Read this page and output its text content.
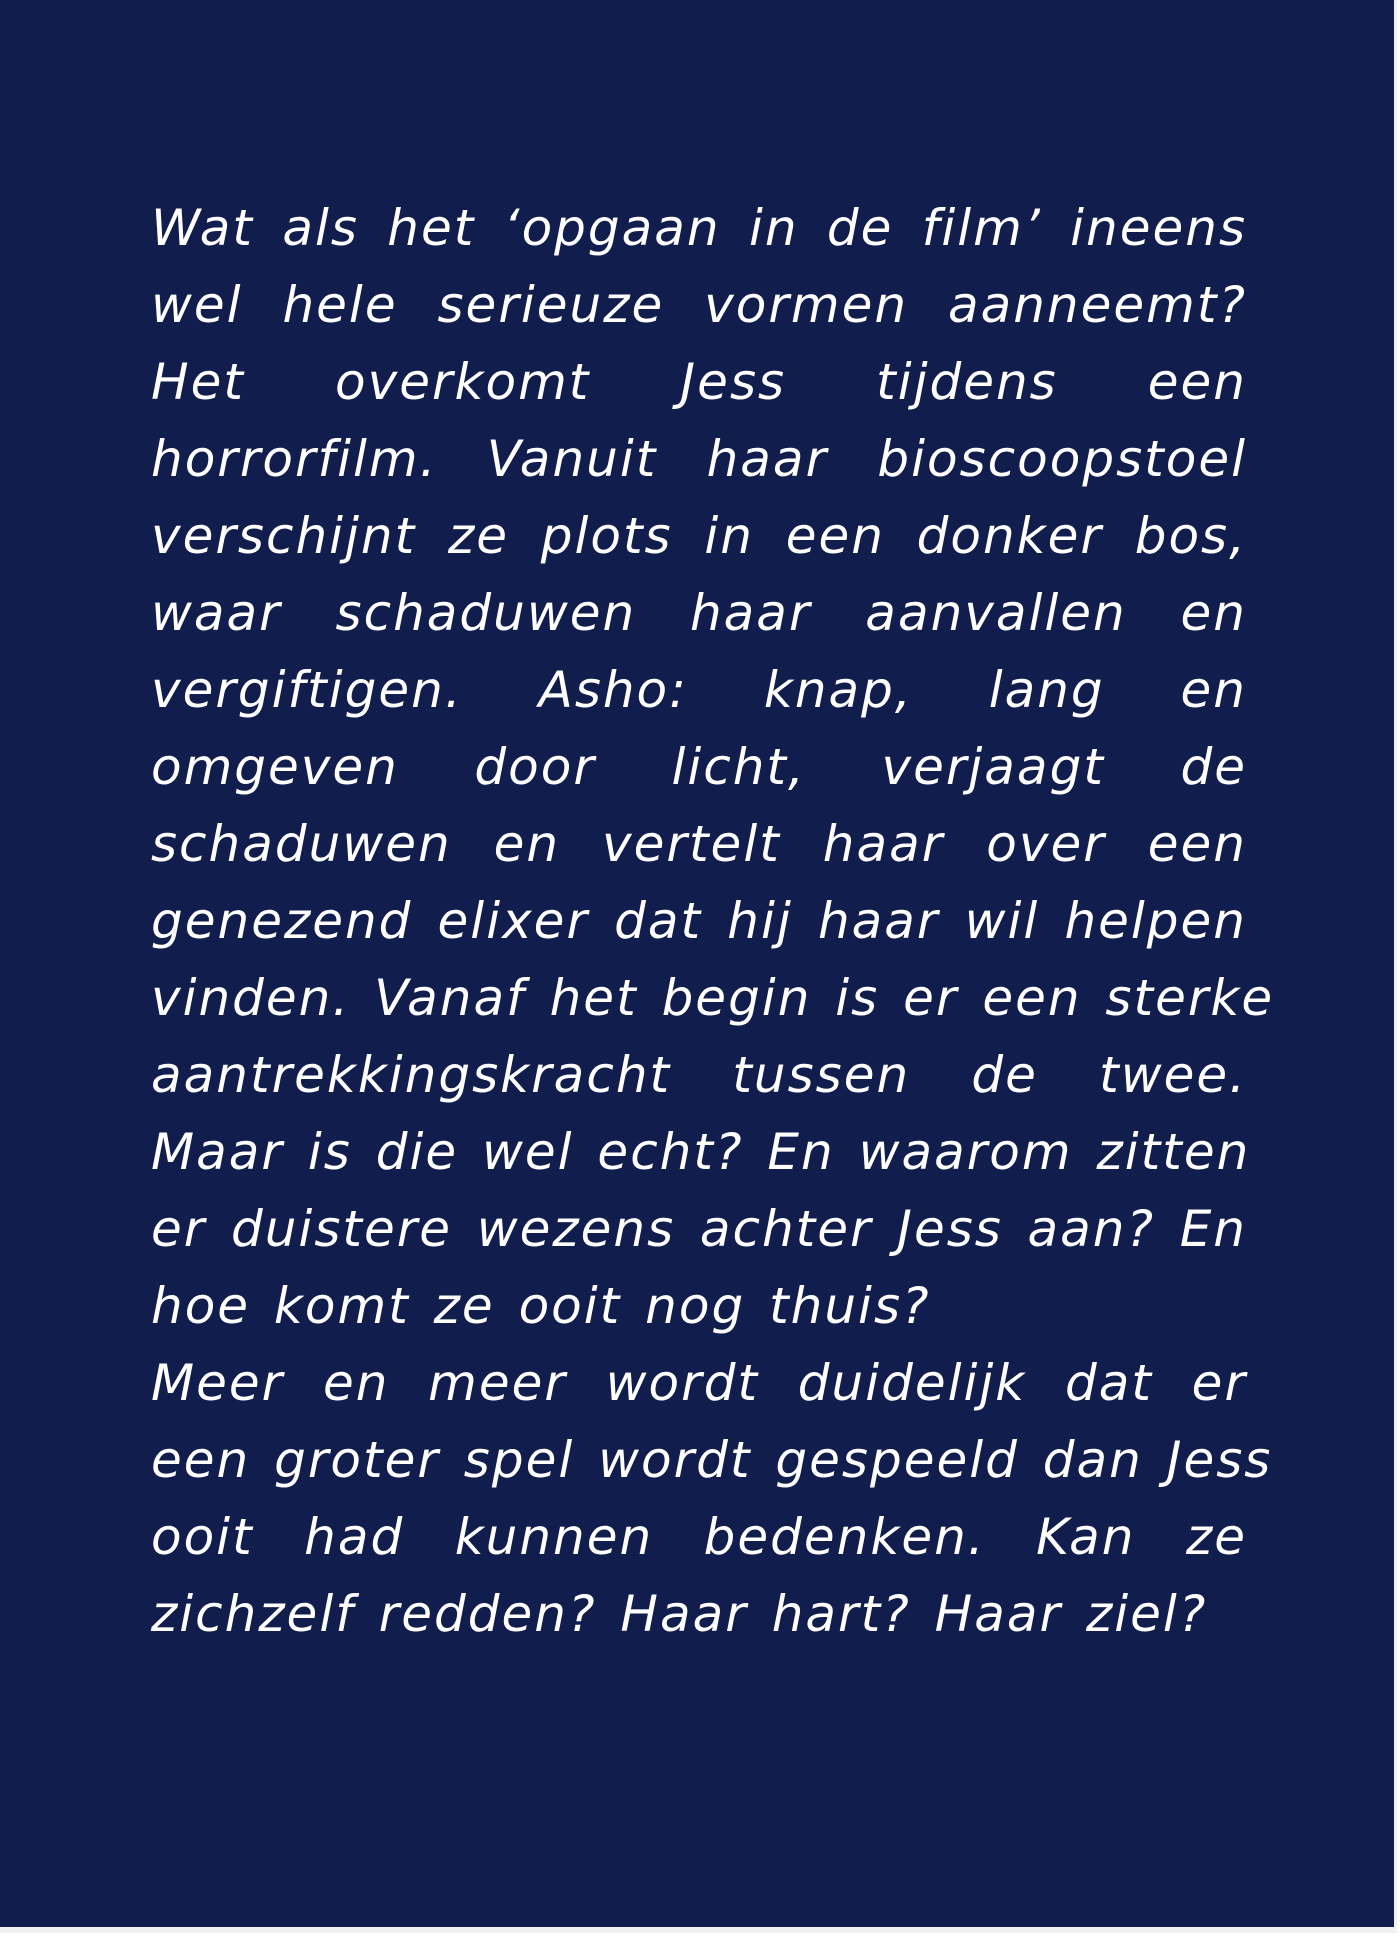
Wat als het ‘opgaan in de film’ ineens
wel hele serieuze vormen aanneemt?
Het overkomt Jess tijdens een
horrorfilm. Vanuit haar bioscoopstoel
verschijnt ze plots in een donker bos,
waar schaduwen haar aanvallen en
vergiftigen. Asho: knap, lang en
omgeven door licht, verjaagt de
schaduwen en vertelt haar over een
genezend elixer dat hij haar wil helpen
vinden. Vanaf het begin is er een sterke
aantrekkingskracht tussen de twee.
Maar is die wel echt? En waarom zitten
er duistere wezens achter Jess aan? En
hoe komt ze ooit nog thuis?
Meer en meer wordt duidelijk dat er
een groter spel wordt gespeeld dan Jess
ooit had kunnen bedenken. Kan ze
zichzelf redden? Haar hart? Haar ziel?
